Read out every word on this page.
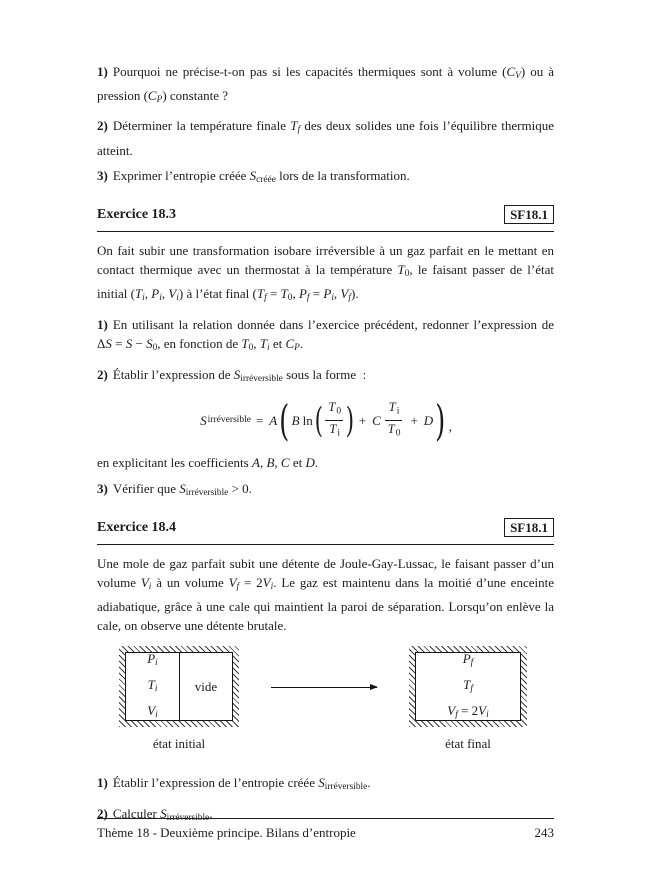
1) Pourquoi ne précise-t-on pas si les capacités thermiques sont à volume (CV) ou à pression (CP) constante ?

2) Déterminer la température finale Tf des deux solides une fois l’équilibre thermique atteint.

3) Exprimer l’entropie créée Scréée lors de la transformation.

Exercice 18.3	SF18.1

On fait subir une transformation isobare irréversible à un gaz parfait en le mettant en contact thermique avec un thermostat à la température T0, le faisant passer de l’état initial (Ti, Pi, Vi) à l’état final (Tf = T0, Pf = Pi, Vf).

1) En utilisant la relation donnée dans l’exercice précédent, redonner l’expression de ΔS = S − S0, en fonction de T0, Ti et CP.

2) Établir l’expression de Sirréversible sous la forme  :

S irréversible = A ( B ln ( $\frac{T_0}{T_i}$ ) + C $\frac{T_i}{T_0} + D$ ) ,

en explicitant les coefficients A, B, C et D.

3) Vérifier que Sirréversible > 0.

Exercice 18.4	SF18.1

Une mole de gaz parfait subit une détente de Joule-Gay-Lussac, le faisant passer d’un volume Vi à un volume Vf = 2Vi. Le gaz est maintenu dans la moitié d’une enceinte adiabatique, grâce à une cale qui maintient la paroi de séparation. Lorsqu’on enlève la cale, on observe une détente brutale.

Pi
Ti
Vi
vide
état initial
Pf
Tf
Vf = 2Vi
état final

1) Établir l’expression de l’entropie créée Sirréversible.

2) Calculer Sirréversible.

Thème 18 - Deuxième principe. Bilans d’entropie	243
